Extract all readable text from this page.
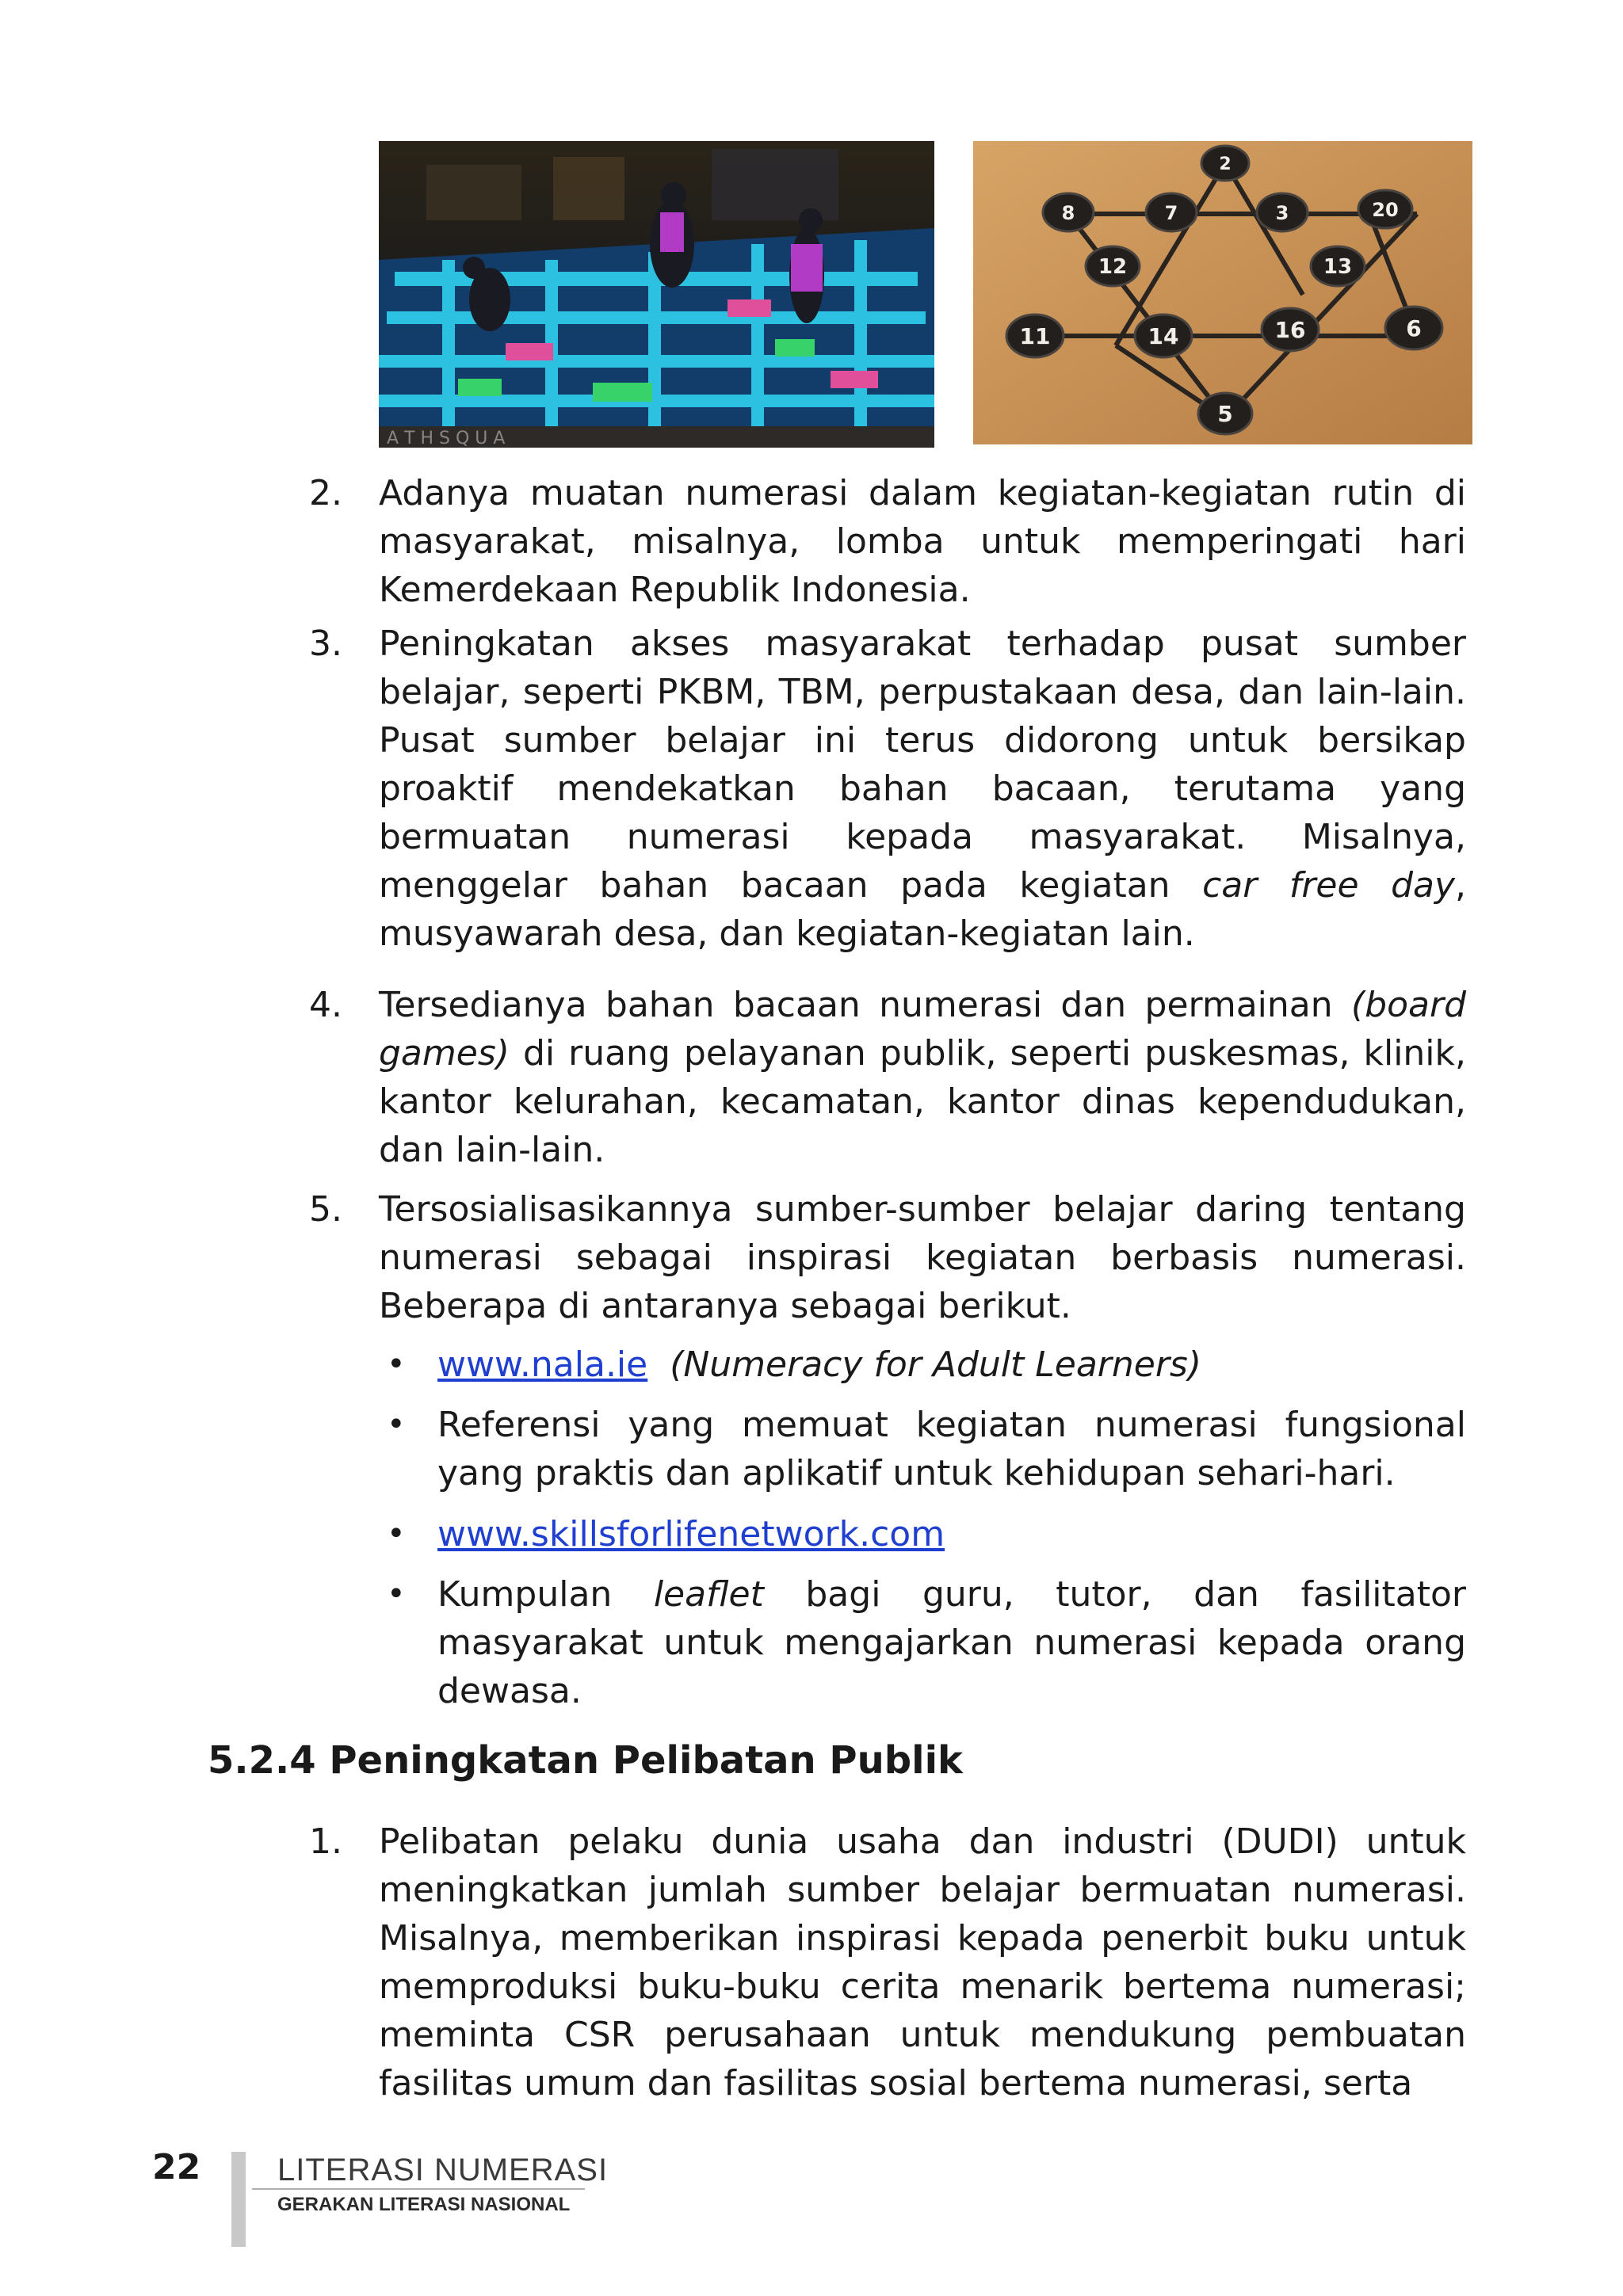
A T H S Q U A
2
8	7	3	20
12	13
11	14	16	6
5
2. Adanya muatan numerasi dalam kegiatan-kegiatan rutin di masyarakat, misalnya, lomba untuk memperingati hari Kemerdekaan Republik Indonesia.

3. Peningkatan akses masyarakat terhadap pusat sumber belajar, seperti PKBM, TBM, perpustakaan desa, dan lain-lain. Pusat sumber belajar ini terus didorong untuk bersikap proaktif mendekatkan bahan bacaan, terutama yang bermuatan numerasi kepada masyarakat. Misalnya, menggelar bahan bacaan pada kegiatan car free day, musyawarah desa, dan kegiatan-kegiatan lain.

4. Tersedianya bahan bacaan numerasi dan permainan (board games) di ruang pelayanan publik, seperti puskesmas, klinik, kantor kelurahan, kecamatan, kantor dinas kependudukan, dan lain-lain.

5. Tersosialisasikannya sumber-sumber belajar daring tentang numerasi sebagai inspirasi kegiatan berbasis numerasi. Beberapa di antaranya sebagai berikut.

• www.nala.ie (Numeracy for Adult Learners)

• Referensi yang memuat kegiatan numerasi fungsional yang praktis dan aplikatif untuk kehidupan sehari-hari.

• www.skillsforlifenetwork.com

• Kumpulan leaflet bagi guru, tutor, dan fasilitator masyarakat untuk mengajarkan numerasi kepada orang dewasa.

5.2.4 Peningkatan Pelibatan Publik
1. Pelibatan pelaku dunia usaha dan industri (DUDI) untuk meningkatkan jumlah sumber belajar bermuatan numerasi. Misalnya, memberikan inspirasi kepada penerbit buku untuk memproduksi buku-buku cerita menarik bertema numerasi; meminta CSR perusahaan untuk mendukung pembuatan fasilitas umum dan fasilitas sosial bertema numerasi, serta

22 LITERASI NUMERASI
GERAKAN LITERASI NASIONAL
